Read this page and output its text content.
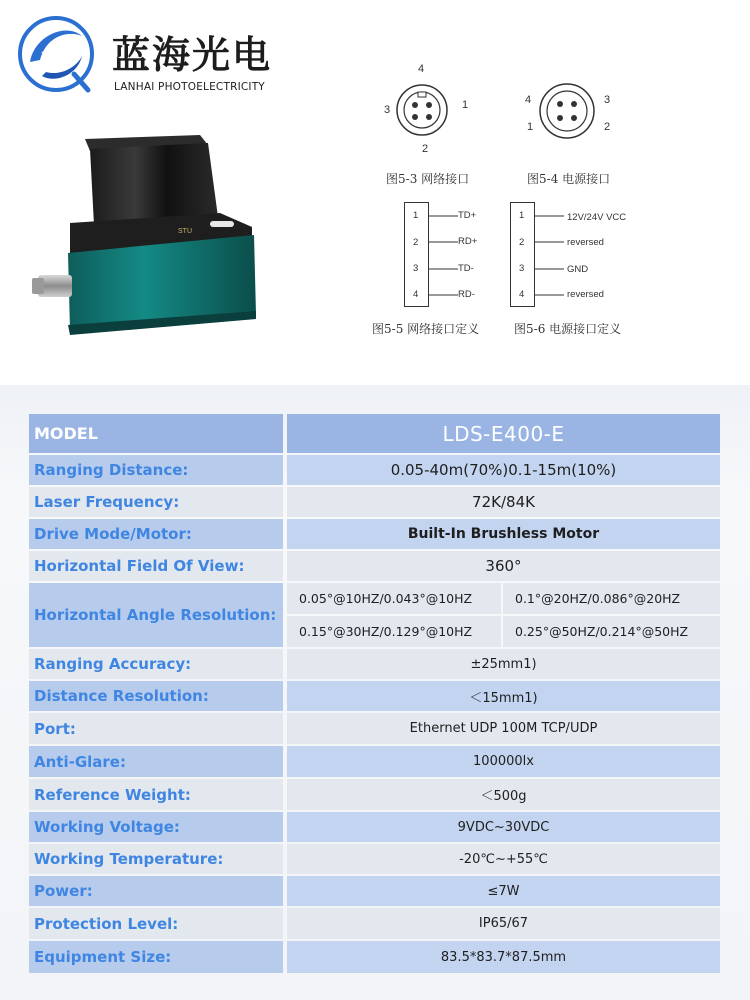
蓝海光电
LANHAI PHOTOELECTRICITY
STU
4
3	1
2
图5-3 网络接口
4	3
1	2
图5-4 电源接口
1
2
3
4
TD+
RD+
TD-
RD-
图5-5 网络接口定义
1
2
3
4
12V/24V VCC
reversed
GND
reversed
图5-6 电源接口定义
MODEL	LDS-E400-E
Ranging Distance:	0.05-40m(70%)0.1-15m(10%)
Laser Frequency:	72K/84K
Drive Mode/Motor:	Built-In Brushless Motor
Horizontal Field Of View:	360°
Horizontal Angle Resolution:
0.05°@10HZ/0.043°@10HZ	0.1°@20HZ/0.086°@20HZ
0.15°@30HZ/0.129°@10HZ	0.25°@50HZ/0.214°@50HZ
Ranging Accuracy:	±25mm1)
Distance Resolution:	＜15mm1)
Port:	Ethernet UDP 100M TCP/UDP
Anti-Glare:	100000lx
Reference Weight:	＜500g
Working Voltage:	9VDC~30VDC
Working Temperature:	-20℃~+55℃
Power:	≤7W
Protection Level:	IP65/67
Equipment Size:	83.5*83.7*87.5mm
